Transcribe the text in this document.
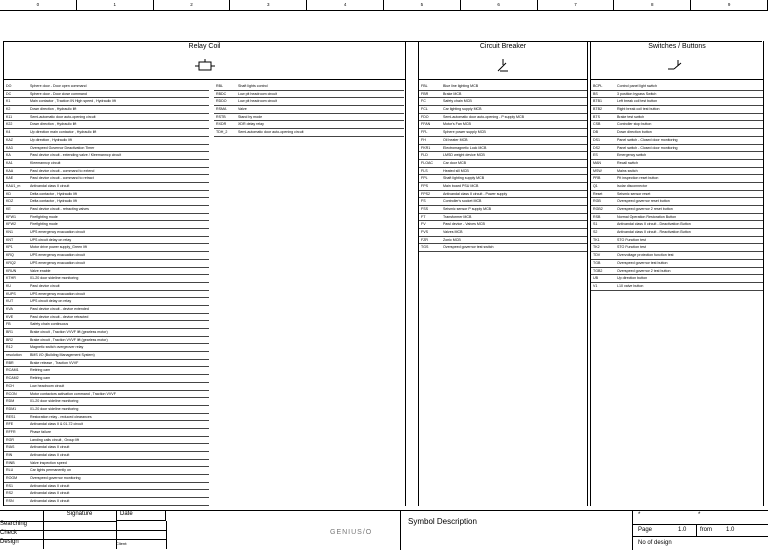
0	1	2	3	4	5	6	7	8	9
Relay Coil
DO	Sphere door - Door open command
DC	Sphere door - Door close command
K1	Main contactor , Traction IN High speed , Hydraulic lift
K2	Down direction , Hydraulic lift
K11	Semi-automatic door auto-opening circuit
K22	Down direction , Hydraulic lift
K4	Up direction main contactor , Hydraulic lift
KAZ	Up direction , Hydraulic lift
KA3	Overspeed Governor Deactivation Timer
KA	Pawl device circuit - extending valve / Kleemanncp circuit
KA1	Kleemanncp circuit
KAA	Pawl device circuit - command to extend
KAE	Pawl device circuit - command to retract
KAU1_m	Antivandal class II circuit
KD	Delta contactor , Hydraulic lift
KDZ	Delta contactor , Hydraulic lift
KE	Pawl device circuit - retracting valves
KFW1	Firefighting mode
KFW2	Firefighting mode
KN1	UPS emergency evacuation circuit
KNT	UPS circuit delay on relay
KP1	Motor drive power supply_Green lift
KRQ	UPS emergency evacuation circuit
KRQ2	UPS emergency evacuation circuit
KRUN	Valve enable
KTHR	01-20 door sideline monitoring
KU	Pawl device circuit
KUPS	UPS emergency evacuation circuit
KUT	UPS circuit delay on relay
KVA	Pawl device circuit - device extended
KVE	Pawl device circuit - device retracted
FB	Safety chain continuous
BR1	Brake circuit , Traction VVVF lift (gearless motor)
BR2	Brake circuit , Traction VVVF lift (gearless motor)
R12	Magnetic switch overgeover relay
resolution	BMS I/O (Building Management System)
RBR	Brake release , Traction VVVF
RCAM1	Retiring cam
RCAM2	Retiring cam
RCH	Low headroom circuit
RCON	Motor contactors activation command , Traction VVVF
RDM	01-20 door sideline monitoring
RDM1	01-20 door sideline monitoring
RES1	Restoration relay - reduced clearances
RFE	Antivandal class II & 01-72 circuit
RFFR	Phase failure
RGR	Landing calls circuit , Group lift
RIAS	Antivandal class II circuit
RIN	Antivandal class II circuit
RINB	Valve inspection speed
RLU	Car lights permanently on
ROGM	Overspeed governor monitoring
RS1	Antivandal class II circuit
RS2	Antivandal class II circuit
RSN	Antivandal class II circuit
RBL	Shaft lights control
RBDC	Low pit headroom circuit
RDDO	Low pit headroom circuit
RSMA	Valve
RSTB	Stand by mode
RXDR	XDR delay relay
TDH_2	Semi-automatic door auto-opening circuit
Circuit Breaker
FBL	Blue line lighting MCB
FBR	Brake MCB
FC	Safety chain MCB
FCL	Car lighting supply MCB
FDO	Semi-automatic door auto-opening - P supply MCB
FFAN	Motor's Fan MCB
FFL	Sphere power supply MCB
FH	Oil heater MCB
FKR1	Electromagnetic Lock MCB
FLD	LMSD weight device MCB
FLOAC	Car door MCB
FLS	Heated sill MCB
FPL	Shaft lighting supply MCB
FPS	Main board PSU MCB
FPS2	Antivandal class II circuit - Power supply
FS	Controller's socket MCB
FSS	Seismic sensor P supply MCB
FT	Transformer MCB
FV	Pawl device - Valves MCB
FVS	Valves MCB
FZR	Zonic MCB
TGS	Overspeed governor test switch
Switches / Buttons
BCPL	Control panel light switch
BS	3 position bypass Switch
BTB1	Left break coil test button
BTB2	Right break coil test button
BTS	Brake test switch
CSB	Controller stop button
DB	Down direction button
DS1	Panel switch - Closed door monitoring
DS2	Panel switch - Closed door monitoring
ES	Emergency switch
MAN	Recall switch
MSW	Mains switch
PRB	Pit inspection reset button
Q1	Isolar disconnector
Reset	Seismic sensor reset
RGB	Overspeed governor reset button
RGB2	Overspeed governor 2 reset button
RSB	Normal Operation Restoration Button
S1	Antivandal class II circuit - Deactivation Button
S2	Antivandal class II circuit - Reactivation Button
TK1	STO Function test
TK2	STO Function test
TDV	Overvoltage protection function test
TGB	Overspeed governor test button
TGB2	Overspeed governor 2 test button
UB	Up direction button
V1	L10 valve button
Signature	Date
Searching
Check
Design	Client:
GENIUS/O
Symbol Description
*	*
Page	1.0 from 1.0
No of design
